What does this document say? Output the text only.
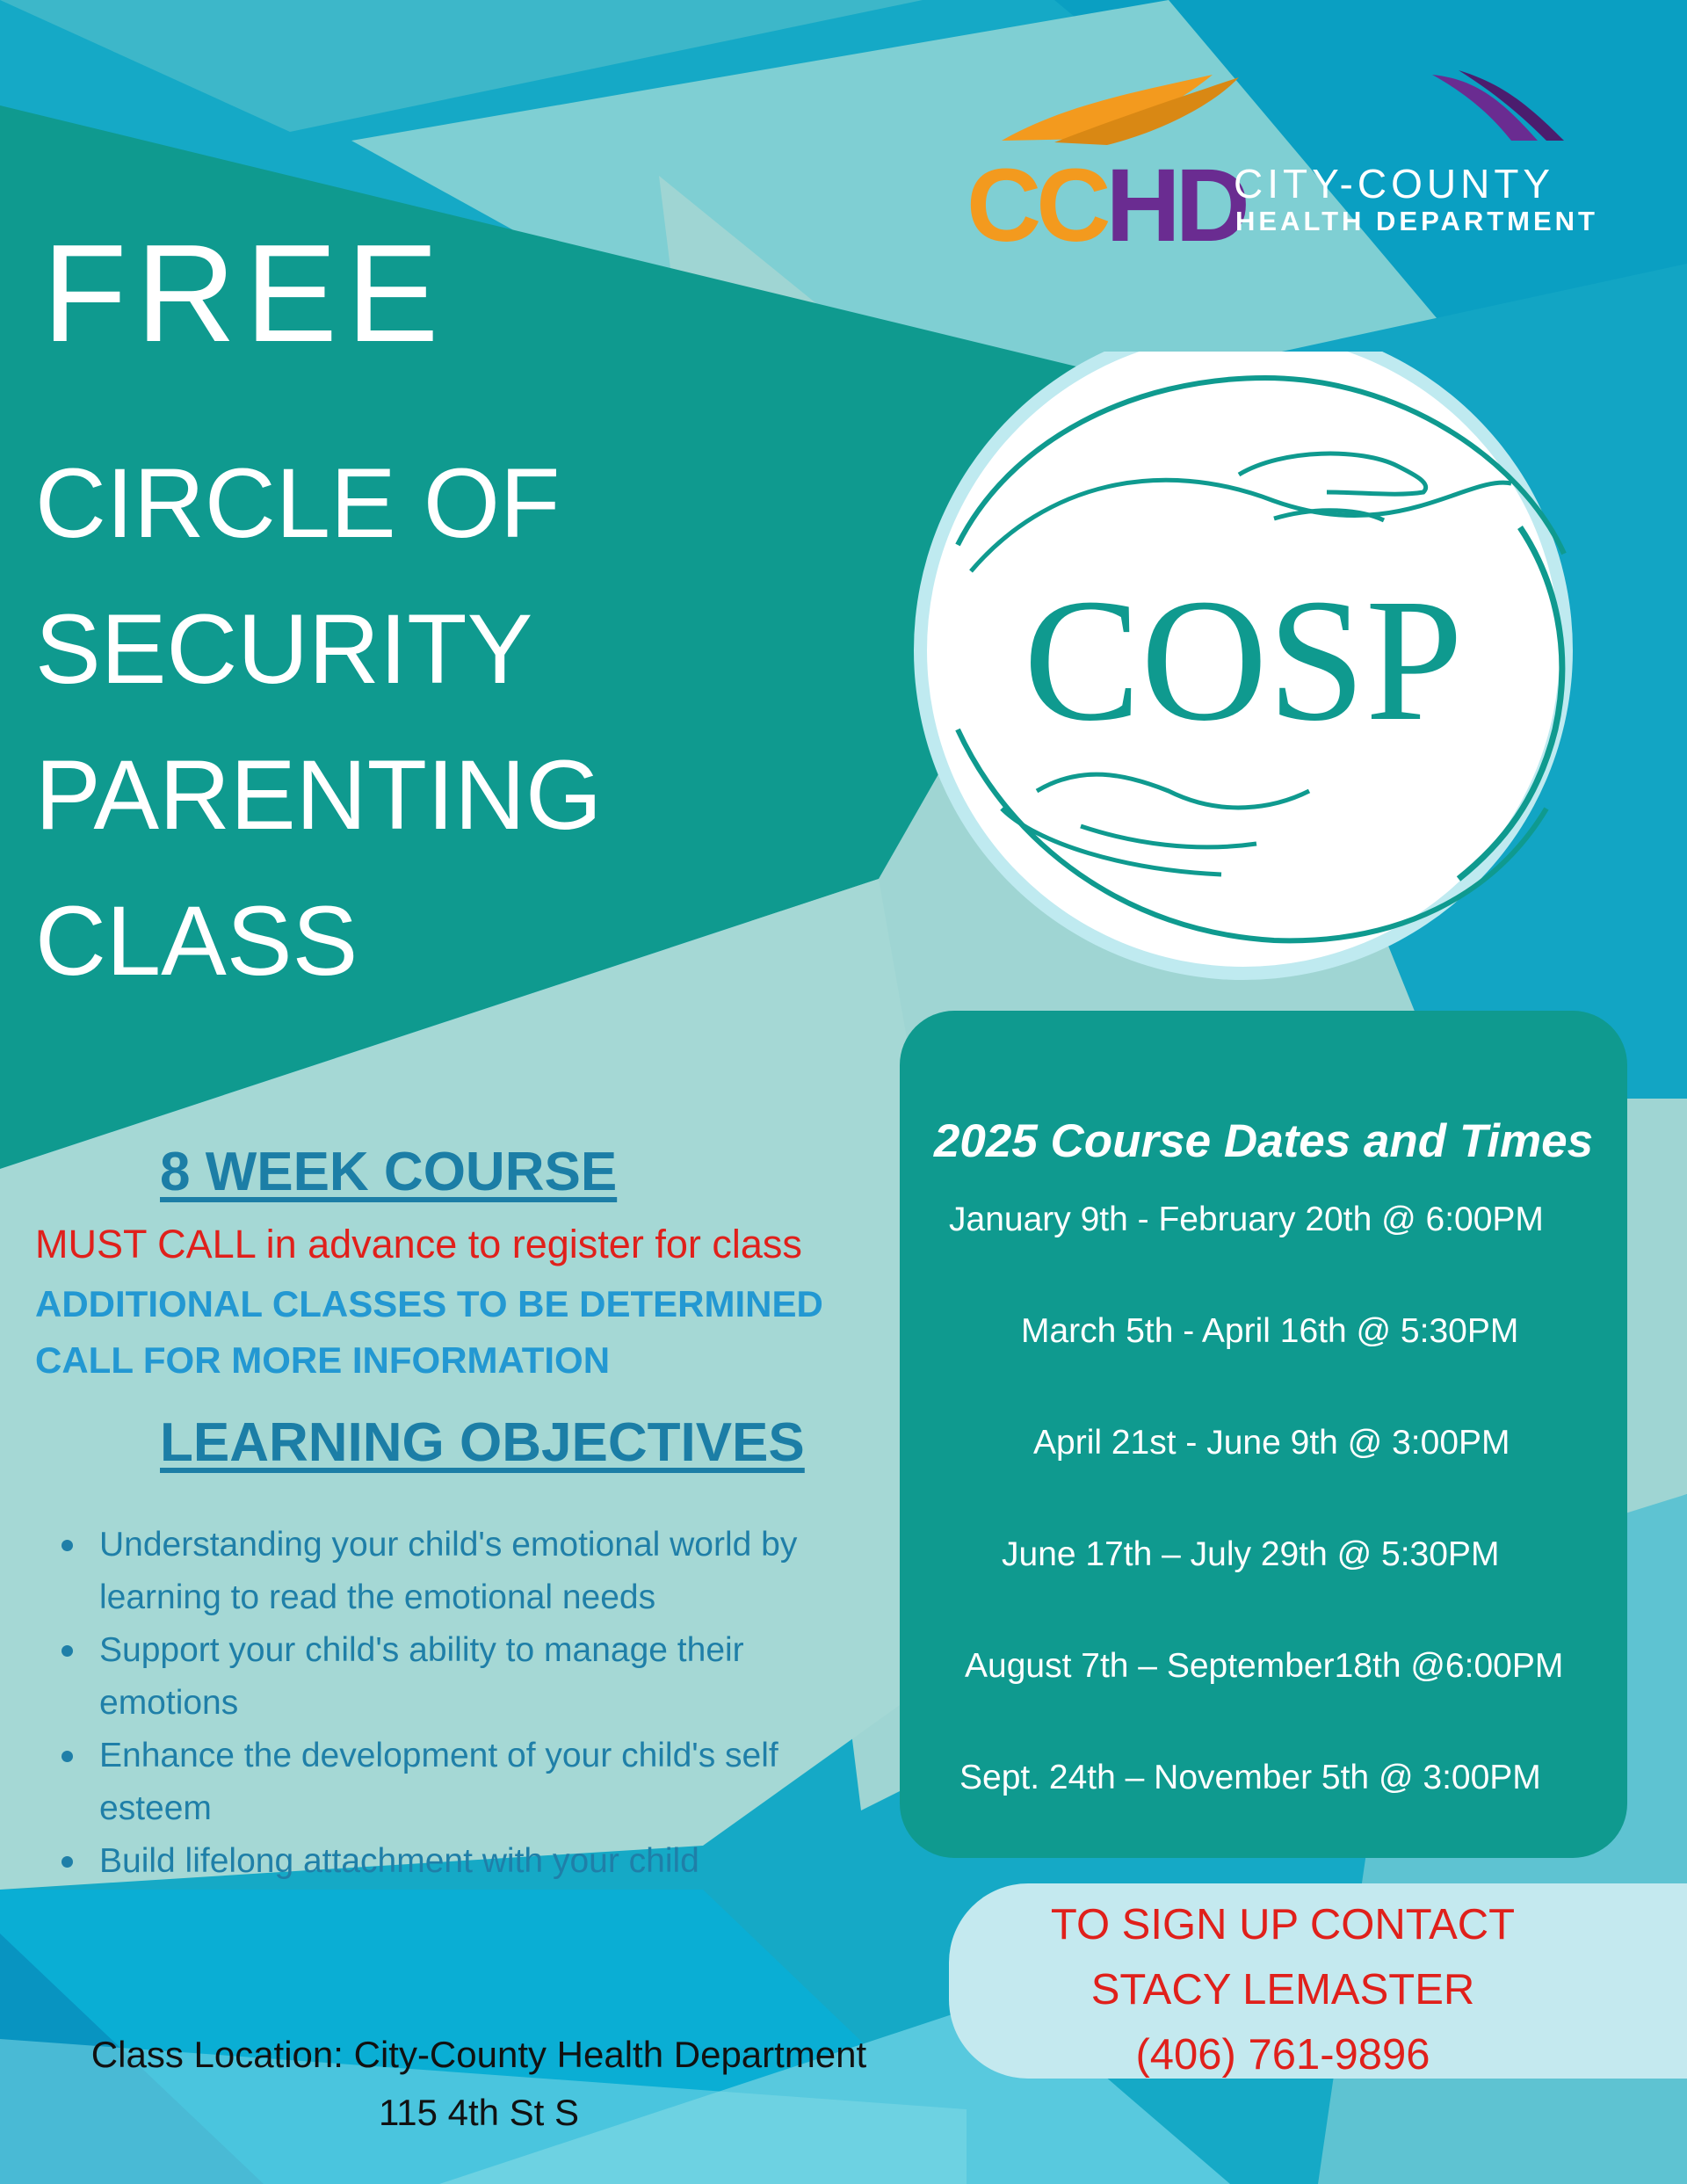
CCHD
CITY-COUNTY
HEALTH DEPARTMENT
FREE
CIRCLE OF
SECURITY
PARENTING
CLASS
COSP
2025 Course Dates and Times
January 9th - February 20th @ 6:00PM
March 5th - April 16th @ 5:30PM
April 21st - June 9th @ 3:00PM
June 17th – July 29th @ 5:30PM
August 7th – September18th @6:00PM
Sept. 24th – November 5th @ 3:00PM
TO SIGN UP CONTACT
STACY LEMASTER
(406) 761-9896
8 WEEK COURSE
MUST CALL in advance to register for class
ADDITIONAL CLASSES TO BE DETERMINED
CALL FOR MORE INFORMATION
LEARNING OBJECTIVES
Understanding your child's emotional world by learning to read the emotional needs
Support your child's ability to manage their emotions
Enhance the development of your child's self esteem
Build lifelong attachment with your child
Class Location: City-County Health Department
115 4th St S
